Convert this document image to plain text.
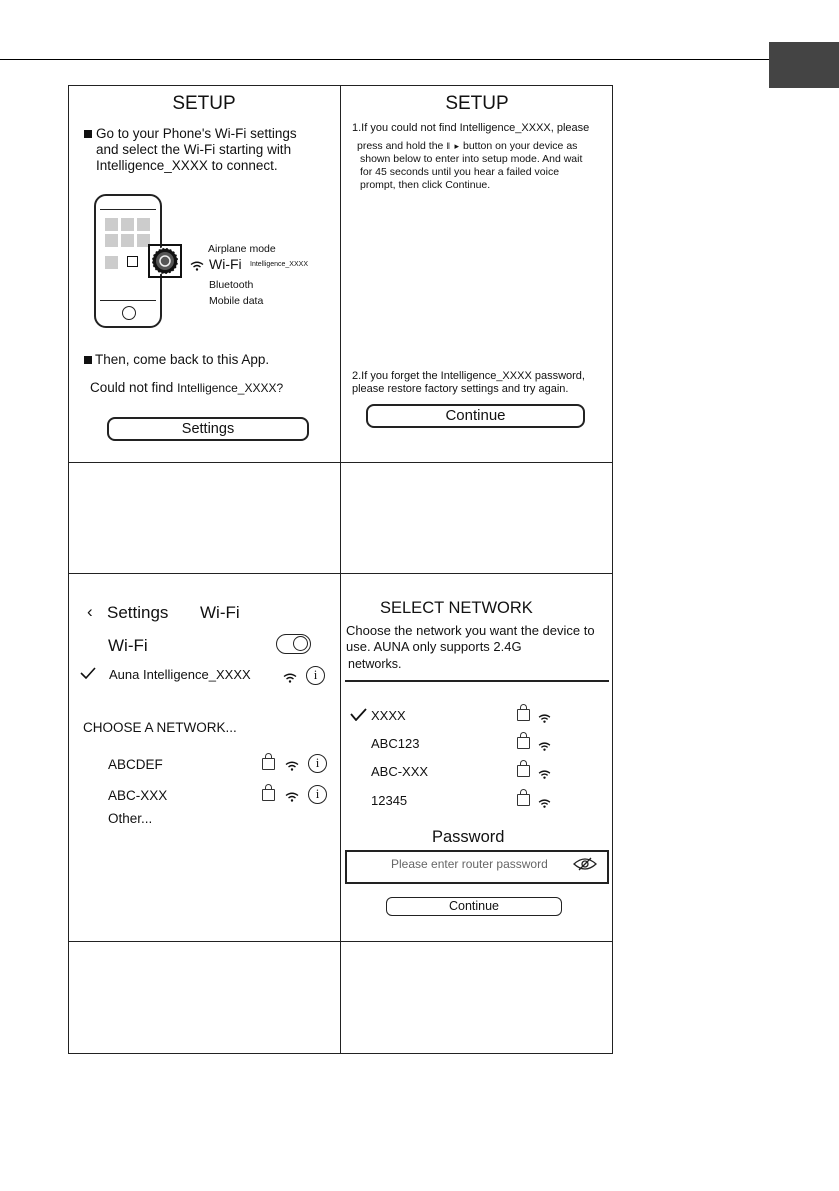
SETUP
Go to your Phone's Wi-Fi settings and select the Wi-Fi starting with Intelligence_XXXX to connect.
Airplane mode
Wi-Fi Intelligence_XXXX
Bluetooth
Mobile data
Then, come back to this App.
Could not find Intelligence_XXXX?
Settings
SETUP
1.If you could not find Intelligence_XXXX, please
press and hold the ‖ ▸ button on your device as
shown below to enter into setup mode. And wait
for 45 seconds until you hear a failed voice
prompt, then click Continue.
2.If you forget the Intelligence_XXXX password,
please restore factory settings and try again.
Continue
‹ Settings Wi-Fi
Wi-Fi
Auna Intelligence_XXXX	i
CHOOSE A NETWORK...
ABCDEF	i
ABC-XXX	i
Other...
SELECT NETWORK
Choose the network you want the device to
use. AUNA only supports 2.4G
networks.
XXXX
ABC123
ABC-XXX
12345
Password
Please enter router password
Continue
